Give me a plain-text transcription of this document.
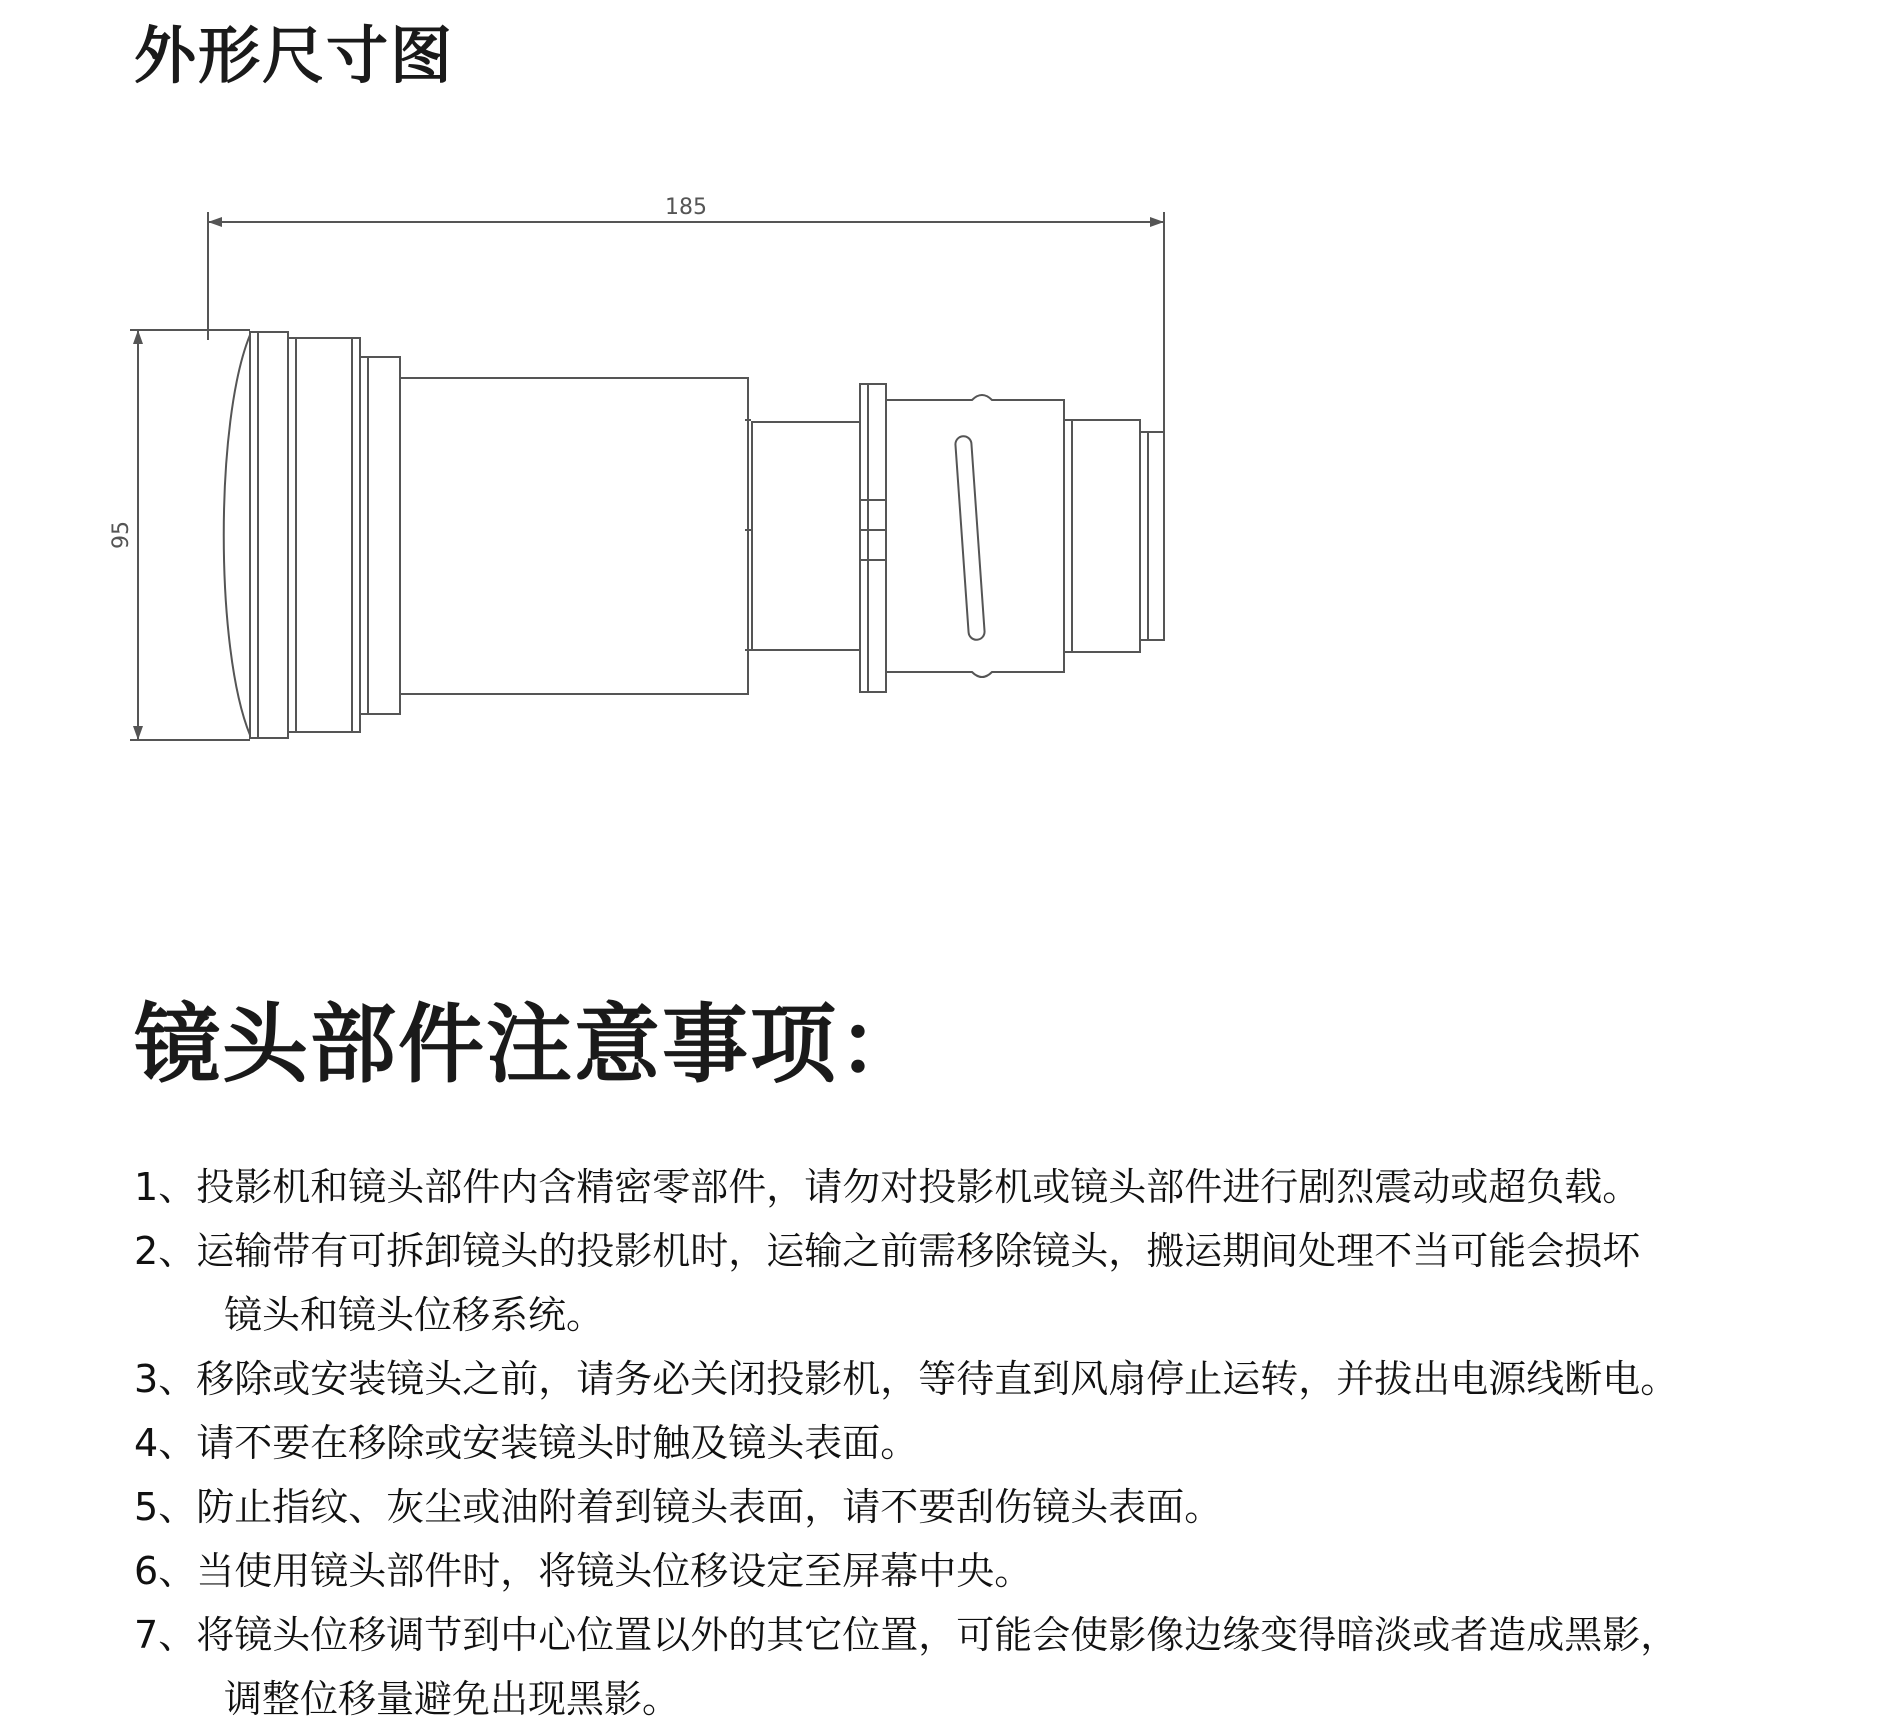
外形尺寸图
185
95
镜头部件注意事项：
1、投影机和镜头部件内含精密零部件，请勿对投影机或镜头部件进行剧烈震动或超负载。
2、运输带有可拆卸镜头的投影机时，运输之前需移除镜头，搬运期间处理不当可能会损坏
镜头和镜头位移系统。
3、移除或安装镜头之前，请务必关闭投影机，等待直到风扇停止运转，并拔出电源线断电。
4、请不要在移除或安装镜头时触及镜头表面。
5、防止指纹、灰尘或油附着到镜头表面，请不要刮伤镜头表面。
6、当使用镜头部件时，将镜头位移设定至屏幕中央。
7、将镜头位移调节到中心位置以外的其它位置，可能会使影像边缘变得暗淡或者造成黑影，
调整位移量避免出现黑影。
